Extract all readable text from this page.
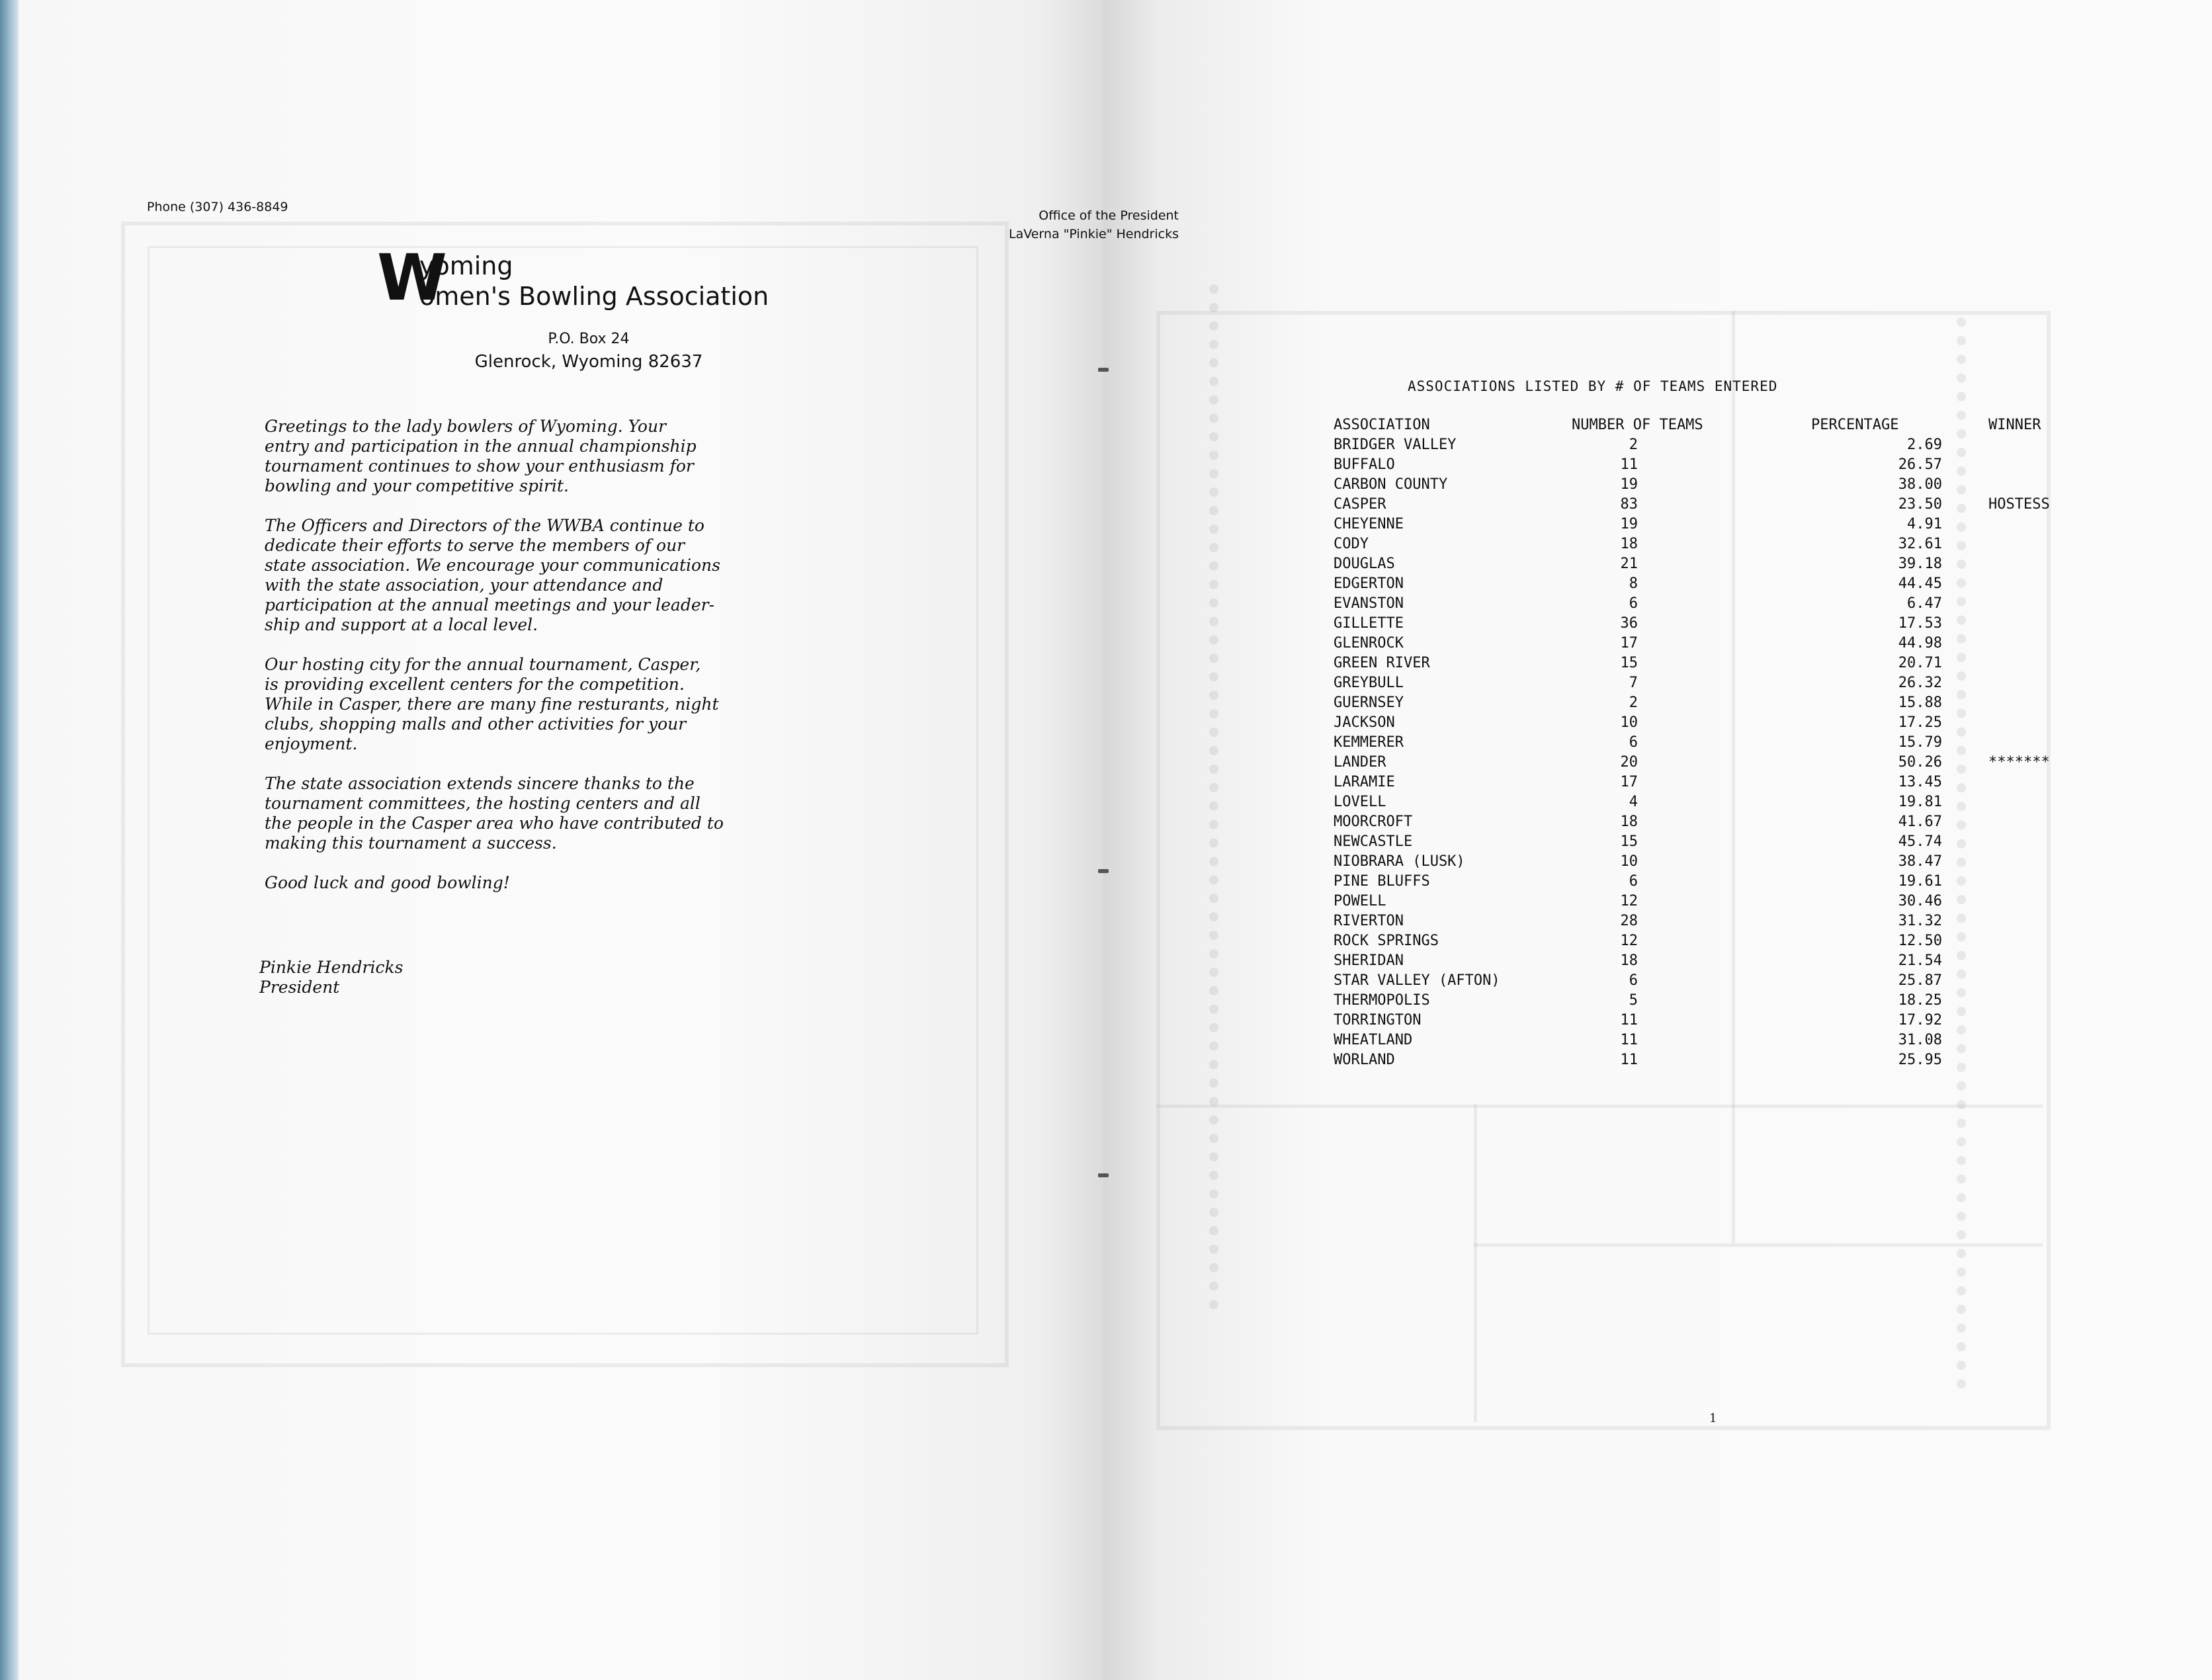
Phone (307) 436-8849
Office of the President
LaVerna "Pinkie" Hendricks
W
yoming
omen's Bowling Association
P.O. Box 24
Glenrock, Wyoming 82637

Greetings to the lady bowlers of Wyoming. Your
entry and participation in the annual championship
tournament continues to show your enthusiasm for
bowling and your competitive spirit.

The Officers and Directors of the WWBA continue to
dedicate their efforts to serve the members of our
state association. We encourage your communications
with the state association, your attendance and
participation at the annual meetings and your leader-
ship and support at a local level.

Our hosting city for the annual tournament, Casper,
is providing excellent centers for the competition.
While in Casper, there are many fine resturants, night
clubs, shopping malls and other activities for your
enjoyment.

The state association extends sincere thanks to the
tournament committees, the hosting centers and all
the people in the Casper area who have contributed to
making this tournament a success.

Good luck and good bowling!

Pinkie Hendricks
President
ASSOCIATIONS LISTED BY # OF TEAMS ENTERED
ASSOCIATION	NUMBER OF TEAMS	PERCENTAGE	WINNER
BRIDGER VALLEY	2	2.69
BUFFALO	11	26.57
CARBON COUNTY	19	38.00
CASPER	83	23.50	HOSTESS
CHEYENNE	19	4.91
CODY	18	32.61
DOUGLAS	21	39.18
EDGERTON	8	44.45
EVANSTON	6	6.47
GILLETTE	36	17.53
GLENROCK	17	44.98
GREEN RIVER	15	20.71
GREYBULL	7	26.32
GUERNSEY	2	15.88
JACKSON	10	17.25
KEMMERER	6	15.79
LANDER	20	50.26	*******
LARAMIE	17	13.45
LOVELL	4	19.81
MOORCROFT	18	41.67
NEWCASTLE	15	45.74
NIOBRARA (LUSK)	10	38.47
PINE BLUFFS	6	19.61
POWELL	12	30.46
RIVERTON	28	31.32
ROCK SPRINGS	12	12.50
SHERIDAN	18	21.54
STAR VALLEY (AFTON)	6	25.87
THERMOPOLIS	5	18.25
TORRINGTON	11	17.92
WHEATLAND	11	31.08
WORLAND	11	25.95
1
